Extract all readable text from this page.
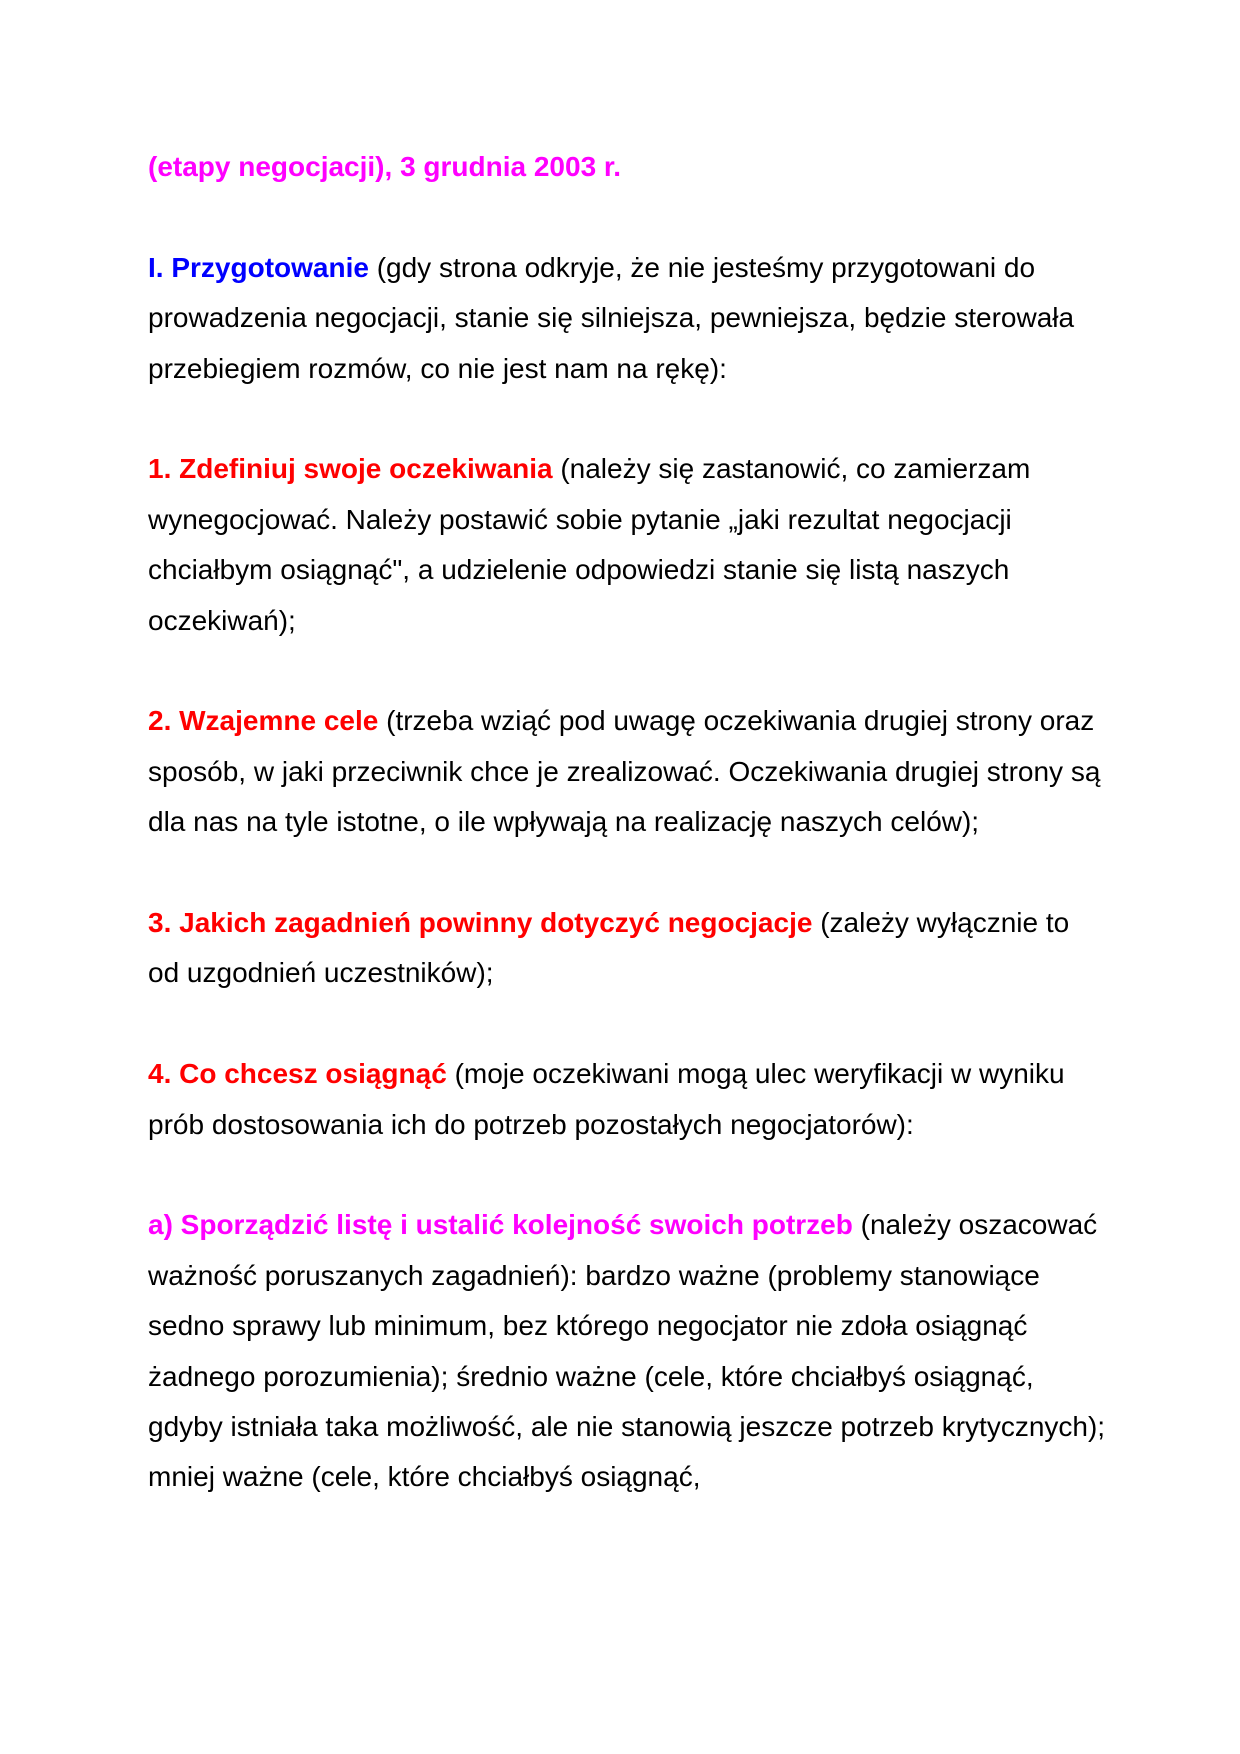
(etapy negocjacji), 3 grudnia 2003 r.

I. Przygotowanie (gdy strona odkryje, że nie jesteśmy przygotowani do prowadzenia negocjacji, stanie się silniejsza, pewniejsza, będzie sterowała przebiegiem rozmów, co nie jest nam na rękę):

1. Zdefiniuj swoje oczekiwania (należy się zastanowić, co zamierzam wynegocjować. Należy postawić sobie pytanie „jaki rezultat negocjacji chciałbym osiągnąć", a udzielenie odpowiedzi stanie się listą naszych oczekiwań);

2. Wzajemne cele (trzeba wziąć pod uwagę oczekiwania drugiej strony oraz sposób, w jaki przeciwnik chce je zrealizować. Oczekiwania drugiej strony są dla nas na tyle istotne, o ile wpływają na realizację naszych celów);

3. Jakich zagadnień powinny dotyczyć negocjacje (zależy wyłącznie to od uzgodnień uczestników);

4. Co chcesz osiągnąć (moje oczekiwani mogą ulec weryfikacji w wyniku prób dostosowania ich do potrzeb pozostałych negocjatorów):

a) Sporządzić listę i ustalić kolejność swoich potrzeb (należy oszacować ważność poruszanych zagadnień): bardzo ważne (problemy stanowiące sedno sprawy lub minimum, bez którego negocjator nie zdoła osiągnąć żadnego porozumienia); średnio ważne (cele, które chciałbyś osiągnąć, gdyby istniała taka możliwość, ale nie stanowią jeszcze potrzeb krytycznych); mniej ważne (cele, które chciałbyś osiągnąć,
